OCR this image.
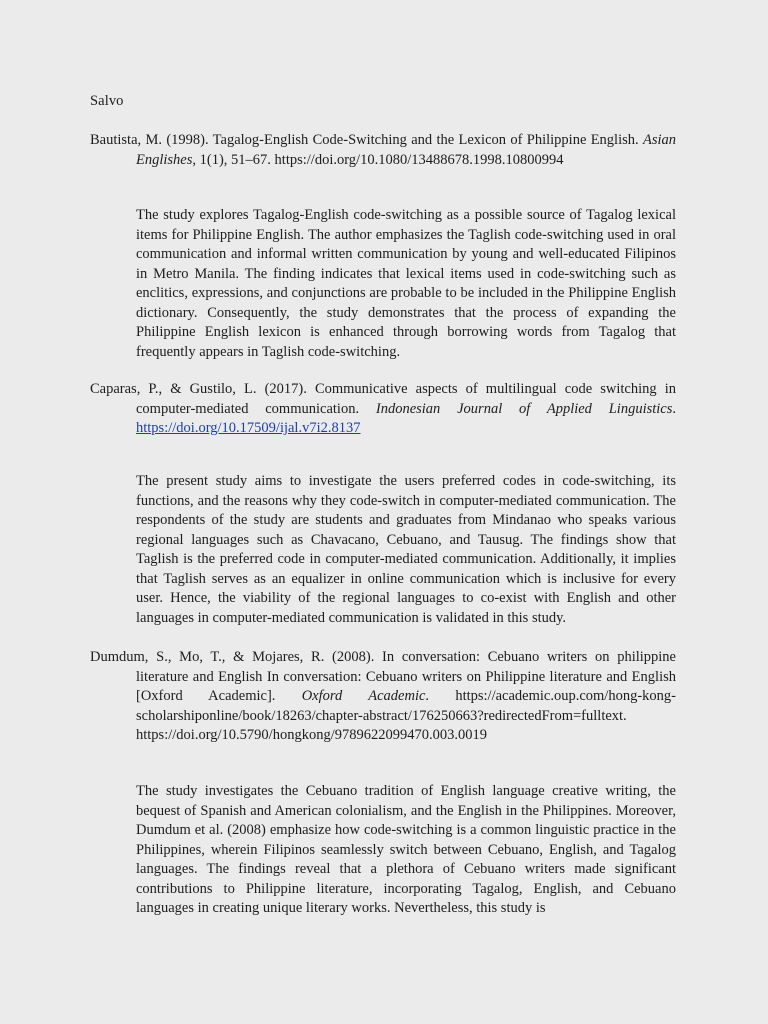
Salvo
Bautista, M. (1998). Tagalog-English Code-Switching and the Lexicon of Philippine English. Asian Englishes, 1(1), 51–67. https://doi.org/10.1080/13488678.1998.10800994
The study explores Tagalog-English code-switching as a possible source of Tagalog lexical items for Philippine English. The author emphasizes the Taglish code-switching used in oral communication and informal written communication by young and well-educated Filipinos in Metro Manila. The finding indicates that lexical items used in code-switching such as enclitics, expressions, and conjunctions are probable to be included in the Philippine English dictionary. Consequently, the study demonstrates that the process of expanding the Philippine English lexicon is enhanced through borrowing words from Tagalog that frequently appears in Taglish code-switching.
Caparas, P., & Gustilo, L. (2017). Communicative aspects of multilingual code switching in computer-mediated communication. Indonesian Journal of Applied Linguistics. https://doi.org/10.17509/ijal.v7i2.8137
The present study aims to investigate the users preferred codes in code-switching, its functions, and the reasons why they code-switch in computer-mediated communication. The respondents of the study are students and graduates from Mindanao who speaks various regional languages such as Chavacano, Cebuano, and Tausug. The findings show that Taglish is the preferred code in computer-mediated communication. Additionally, it implies that Taglish serves as an equalizer in online communication which is inclusive for every user. Hence, the viability of the regional languages to co-exist with English and other languages in computer-mediated communication is validated in this study.
Dumdum, S., Mo, T., & Mojares, R. (2008). In conversation: Cebuano writers on philippine literature and English In conversation: Cebuano writers on Philippine literature and English [Oxford Academic]. Oxford Academic. https://academic.oup.com/hong-kong-scholarshiponline/book/18263/chapter-abstract/176250663?redirectedFrom=fulltext. https://doi.org/10.5790/hongkong/9789622099470.003.0019
The study investigates the Cebuano tradition of English language creative writing, the bequest of Spanish and American colonialism, and the English in the Philippines. Moreover, Dumdum et al. (2008) emphasize how code-switching is a common linguistic practice in the Philippines, wherein Filipinos seamlessly switch between Cebuano, English, and Tagalog languages. The findings reveal that a plethora of Cebuano writers made significant contributions to Philippine literature, incorporating Tagalog, English, and Cebuano languages in creating unique literary works. Nevertheless, this study is
